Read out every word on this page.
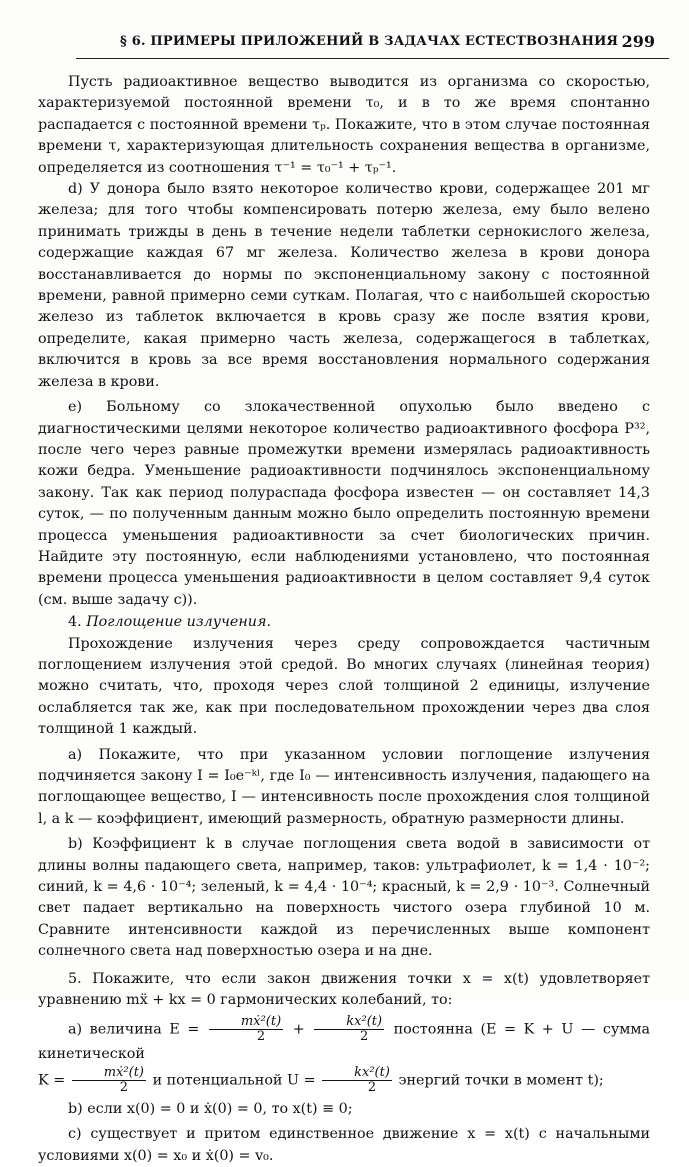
§ 6. ПРИМЕРЫ ПРИЛОЖЕНИЙ В ЗАДАЧАХ ЕСТЕСТВОЗНАНИЯ 299

Пусть радиоактивное вещество выводится из организма со скоростью, характеризуемой постоянной времени τ₀, и в то же время спонтанно распадается с постоянной времени τₚ. Покажите, что в этом случае постоянная времени τ, характеризующая длительность сохранения вещества в организме, определяется из соотношения τ⁻¹ = τ₀⁻¹ + τₚ⁻¹.

d) У донора было взято некоторое количество крови, содержащее 201 мг железа; для того чтобы компенсировать потерю железа, ему было велено принимать трижды в день в течение недели таблетки сернокислого железа, содержащие каждая 67 мг железа. Количество железа в крови донора восстанавливается до нормы по экспоненциальному закону с постоянной времени, равной примерно семи суткам. Полагая, что с наибольшей скоростью железо из таблеток включается в кровь сразу же после взятия крови, определите, какая примерно часть железа, содержащегося в таблетках, включится в кровь за все время восстановления нормального содержания железа в крови.

е) Больному со злокачественной опухолью было введено с диагностическими целями некоторое количество радиоактивного фосфора P³², после чего через равные промежутки времени измерялась радиоактивность кожи бедра. Уменьшение радиоактивности подчинялось экспоненциальному закону. Так как период полураспада фосфора известен — он составляет 14,3 суток, — по полученным данным можно было определить постоянную времени процесса уменьшения радиоактивности за счет биологических причин. Найдите эту постоянную, если наблюдениями установлено, что постоянная времени процесса уменьшения радиоактивности в целом составляет 9,4 суток (см. выше задачу c)).

4. Поглощение излучения.

Прохождение излучения через среду сопровождается частичным поглощением излучения этой средой. Во многих случаях (линейная теория) можно считать, что, проходя через слой толщиной 2 единицы, излучение ослабляется так же, как при последовательном прохождении через два слоя толщиной 1 каждый.

а) Покажите, что при указанном условии поглощение излучения подчиняется закону I = I₀e⁻ᵏˡ, где I₀ — интенсивность излучения, падающего на поглощающее вещество, I — интенсивность после прохождения слоя толщиной l, а k — коэффициент, имеющий размерность, обратную размерности длины.

b) Коэффициент k в случае поглощения света водой в зависимости от длины волны падающего света, например, таков: ультрафиолет, k = 1,4 · 10⁻²; синий, k = 4,6 · 10⁻⁴; зеленый, k = 4,4 · 10⁻⁴; красный, k = 2,9 · 10⁻³. Солнечный свет падает вертикально на поверхность чистого озера глубиной 10 м. Сравните интенсивности каждой из перечисленных выше компонент солнечного света над поверхностью озера и на дне.

5. Покажите, что если закон движения точки x = x(t) удовлетворяет уравнению mẍ + kx = 0 гармонических колебаний, то:

а) величина $E = \frac{\text{mẋ²(t)}}{2} + \frac{\text{kx²(t)}}{2}$ постоянна (E = K + U — сумма кинетической
$K = \frac{\text{mẋ²(t)}}{2}$ и потенциальной $U = \frac{\text{kx²(t)}}{2}$ энергий точки в момент t);

b) если x(0) = 0 и ẋ(0) = 0, то x(t) ≡ 0;

c) существует и притом единственное движение x = x(t) с начальными условиями x(0) = x₀ и ẋ(0) = v₀.
